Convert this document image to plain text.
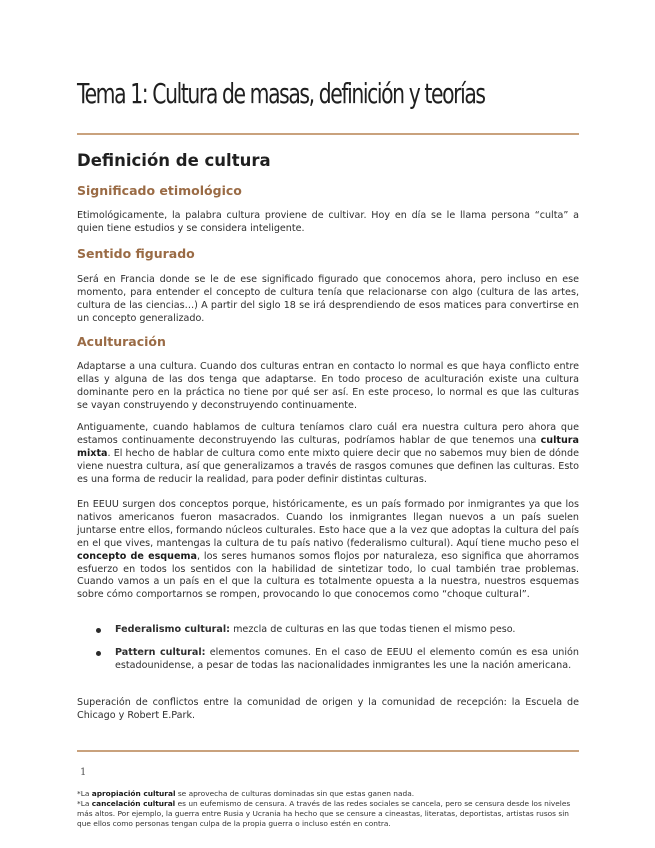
Tema 1: Cultura de masas, definición y teorías
Definición de cultura
Significado etimológico

Etimológicamente, la palabra cultura proviene de cultivar. Hoy en día se le llama persona “culta” a quien tiene estudios y se considera inteligente.

Sentido figurado

Será en Francia donde se le de ese significado figurado que conocemos ahora, pero incluso en ese momento, para entender el concepto de cultura tenía que relacionarse con algo (cultura de las artes, cultura de las ciencias…) A partir del siglo 18 se irá desprendiendo de esos matices para convertirse en un concepto generalizado.

Aculturación

Adaptarse a una cultura. Cuando dos culturas entran en contacto lo normal es que haya conflicto entre ellas y alguna de las dos tenga que adaptarse. En todo proceso de aculturación existe una cultura dominante pero en la práctica no tiene por qué ser así. En este proceso, lo normal es que las culturas se vayan construyendo y deconstruyendo continuamente.

Antiguamente, cuando hablamos de cultura teníamos claro cuál era nuestra cultura pero ahora que estamos continuamente deconstruyendo las culturas, podríamos hablar de que tenemos una cultura mixta. El hecho de hablar de cultura como ente mixto quiere decir que no sabemos muy bien de dónde viene nuestra cultura, así que generalizamos a través de rasgos comunes que definen las culturas. Esto es una forma de reducir la realidad, para poder definir distintas culturas.

En EEUU surgen dos conceptos porque, históricamente, es un país formado por inmigrantes ya que los nativos americanos fueron masacrados. Cuando los inmigrantes llegan nuevos a un país suelen juntarse entre ellos, formando núcleos culturales. Esto hace que a la vez que adoptas la cultura del país en el que vives, mantengas la cultura de tu país nativo (federalismo cultural). Aquí tiene mucho peso el concepto de esquema, los seres humanos somos flojos por naturaleza, eso significa que ahorramos esfuerzo en todos los sentidos con la habilidad de sintetizar todo, lo cual también trae problemas. Cuando vamos a un país en el que la cultura es totalmente opuesta a la nuestra, nuestros esquemas sobre cómo comportarnos se rompen, provocando lo que conocemos como “choque cultural”.

Federalismo cultural: mezcla de culturas en las que todas tienen el mismo peso.

Pattern cultural: elementos comunes. En el caso de EEUU el elemento común es esa unión estadounidense, a pesar de todas las nacionalidades inmigrantes les une la nación americana.

Superación de conflictos entre la comunidad de origen y la comunidad de recepción: la Escuela de Chicago y Robert E.Park.

1

*La apropiación cultural se aprovecha de culturas dominadas sin que estas ganen nada.

*La cancelación cultural es un eufemismo de censura. A través de las redes sociales se cancela, pero se censura desde los niveles más altos. Por ejemplo, la guerra entre Rusia y Ucrania ha hecho que se censure a cineastas, literatas, deportistas, artistas rusos sin que ellos como personas tengan culpa de la propia guerra o incluso estén en contra.
